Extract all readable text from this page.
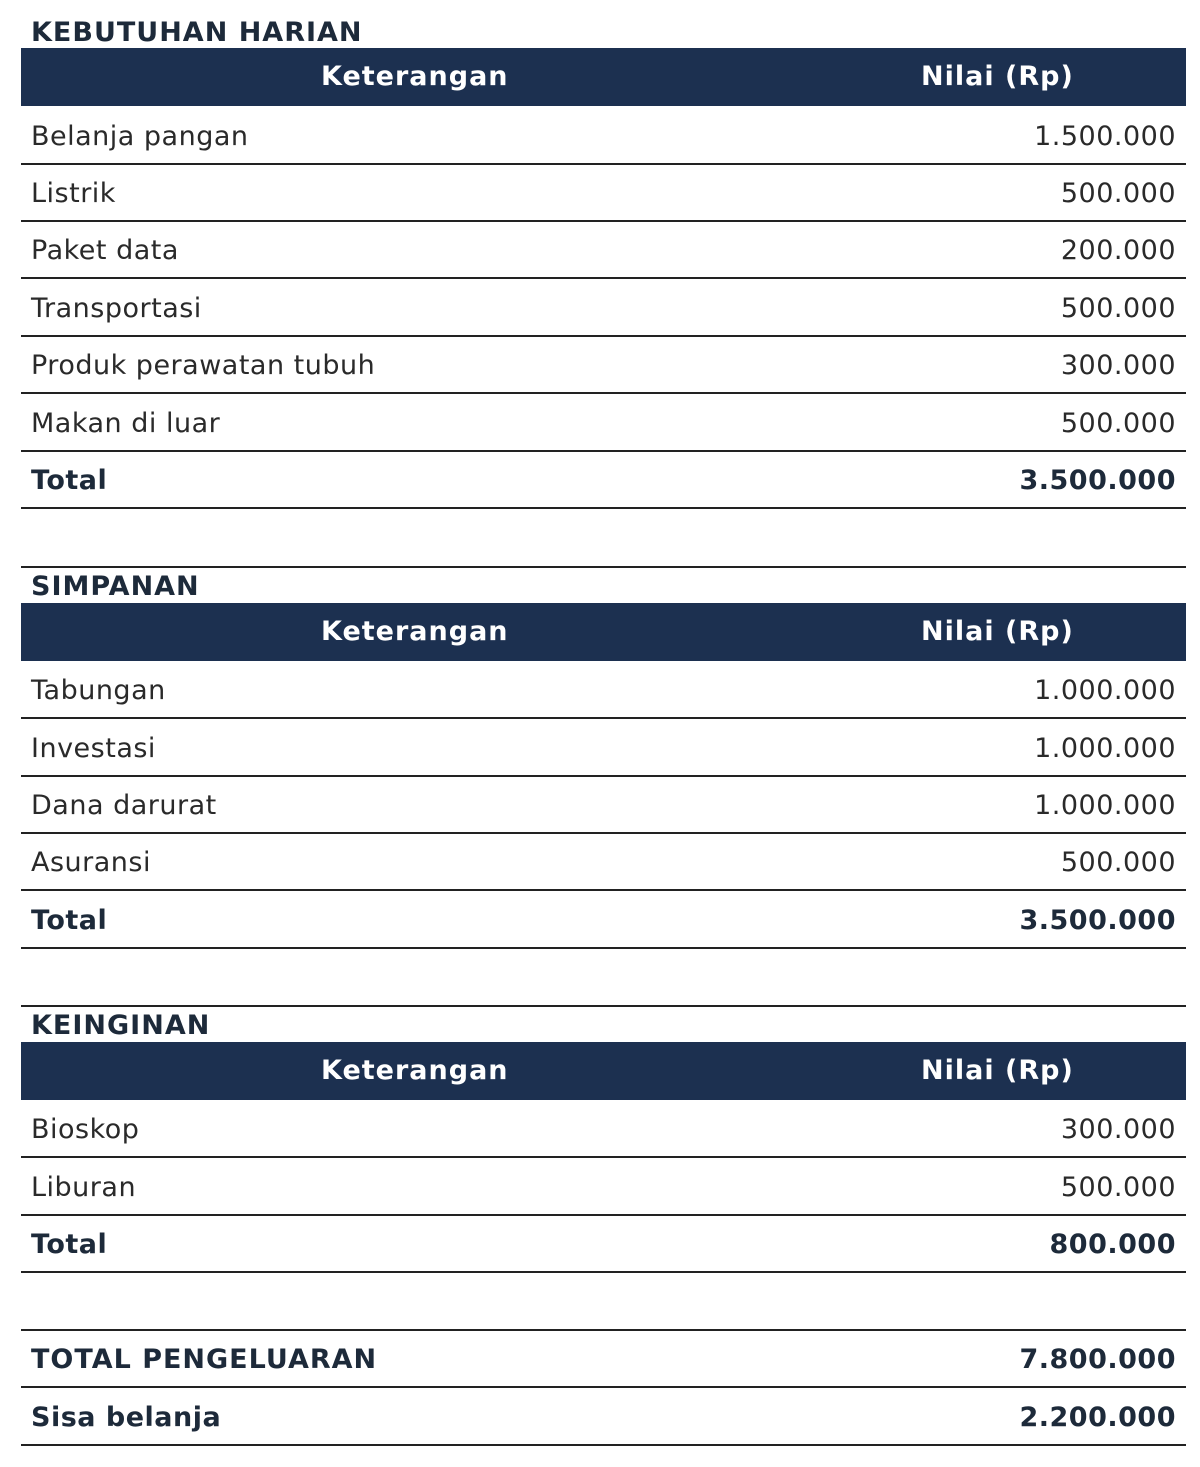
KEBUTUHAN HARIAN
Keterangan	Nilai (Rp)
Belanja pangan	1.500.000
Listrik	500.000
Paket data	200.000
Transportasi	500.000
Produk perawatan tubuh	300.000
Makan di luar	500.000
Total	3.500.000
SIMPANAN
Keterangan	Nilai (Rp)
Tabungan	1.000.000
Investasi	1.000.000
Dana darurat	1.000.000
Asuransi	500.000
Total	3.500.000
KEINGINAN
Keterangan	Nilai (Rp)
Bioskop	300.000
Liburan	500.000
Total	800.000
TOTAL PENGELUARAN	7.800.000
Sisa belanja	2.200.000
